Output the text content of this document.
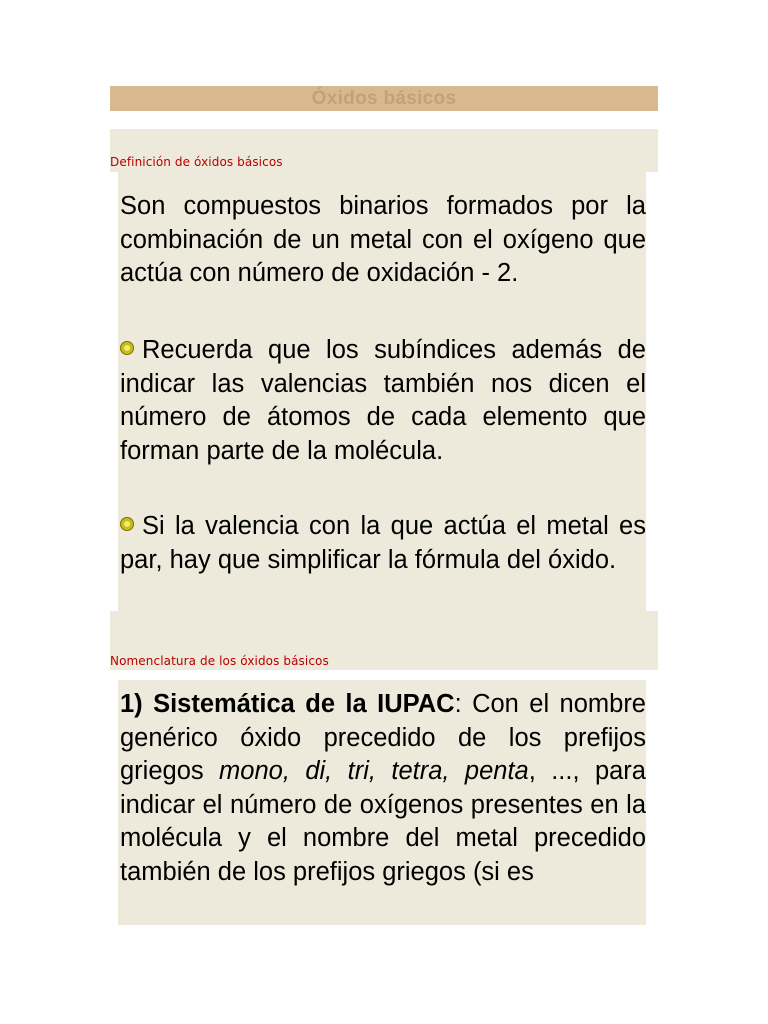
Óxidos básicos
Definición de óxidos básicos
Son compuestos binarios formados por la combinación de un metal con el oxígeno que actúa con número de oxidación - 2.
Recuerda que los subíndices además de indicar las valencias también nos dicen el número de átomos de cada elemento que forman parte de la molécula.
Si la valencia con la que actúa el metal es par, hay que simplificar la fórmula del óxido.
Nomenclatura de los óxidos básicos
1) Sistemática de la IUPAC: Con el nombre genérico óxido precedido de los prefijos griegos mono, di, tri, tetra, penta, ..., para indicar el número de oxígenos presentes en la molécula y el nombre del metal precedido también de los prefijos griegos (si es
